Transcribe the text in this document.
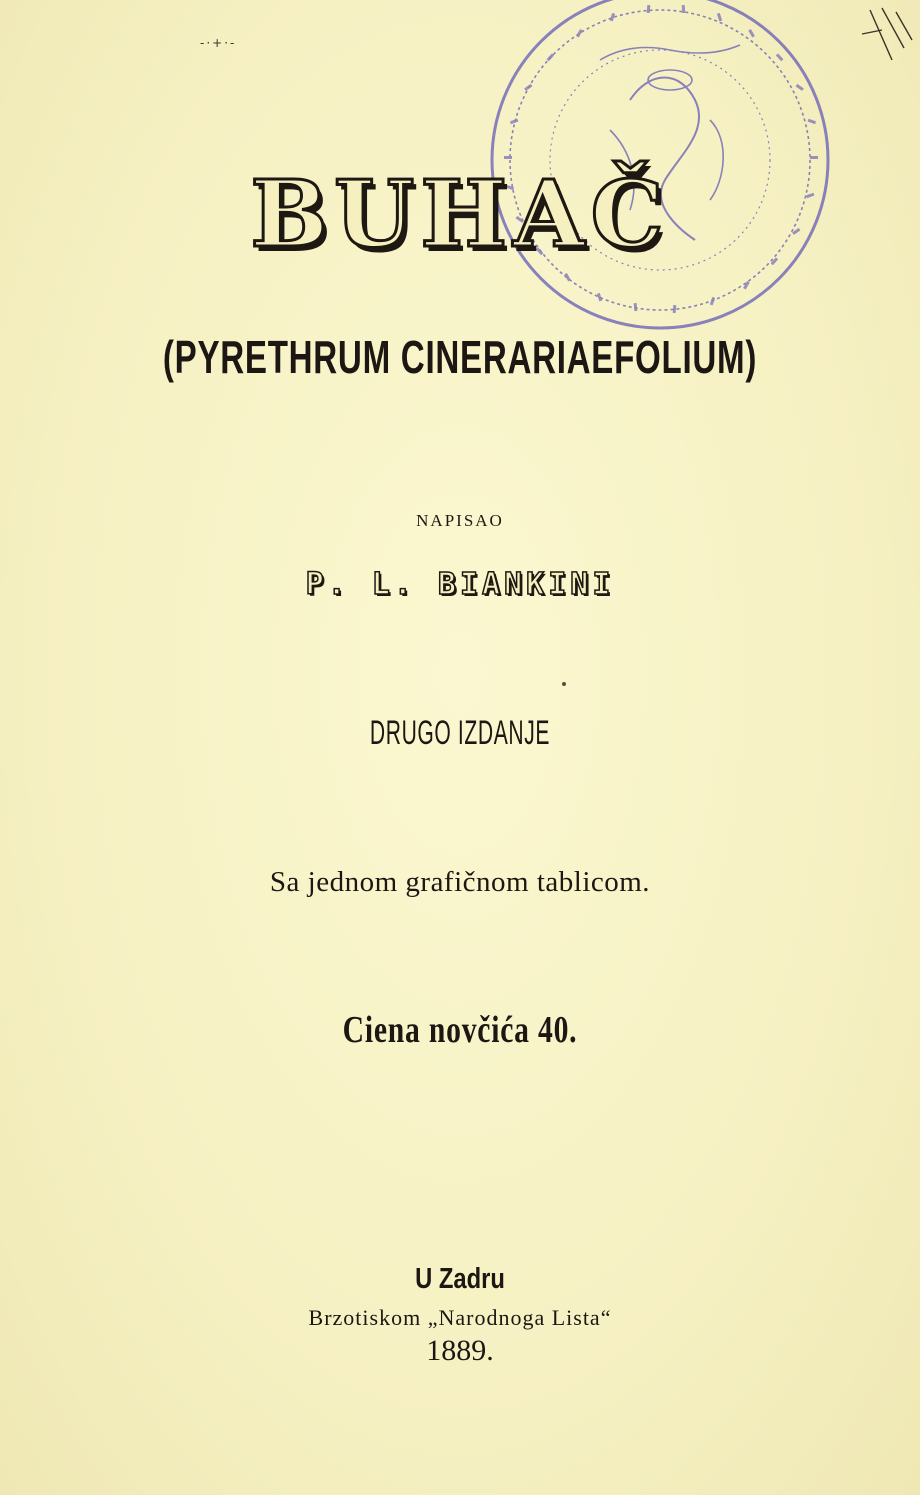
-·+·-
BUHAČ
(PYRETHRUM CINERARIAEFOLIUM)
NAPISAO
P. L. BIANKINI
DRUGO IZDANJE
Sa jednom grafičnom tablicom.
Ciena novčića 40.
U Zadru
Brzotiskom „Narodnoga Lista“
1889.
